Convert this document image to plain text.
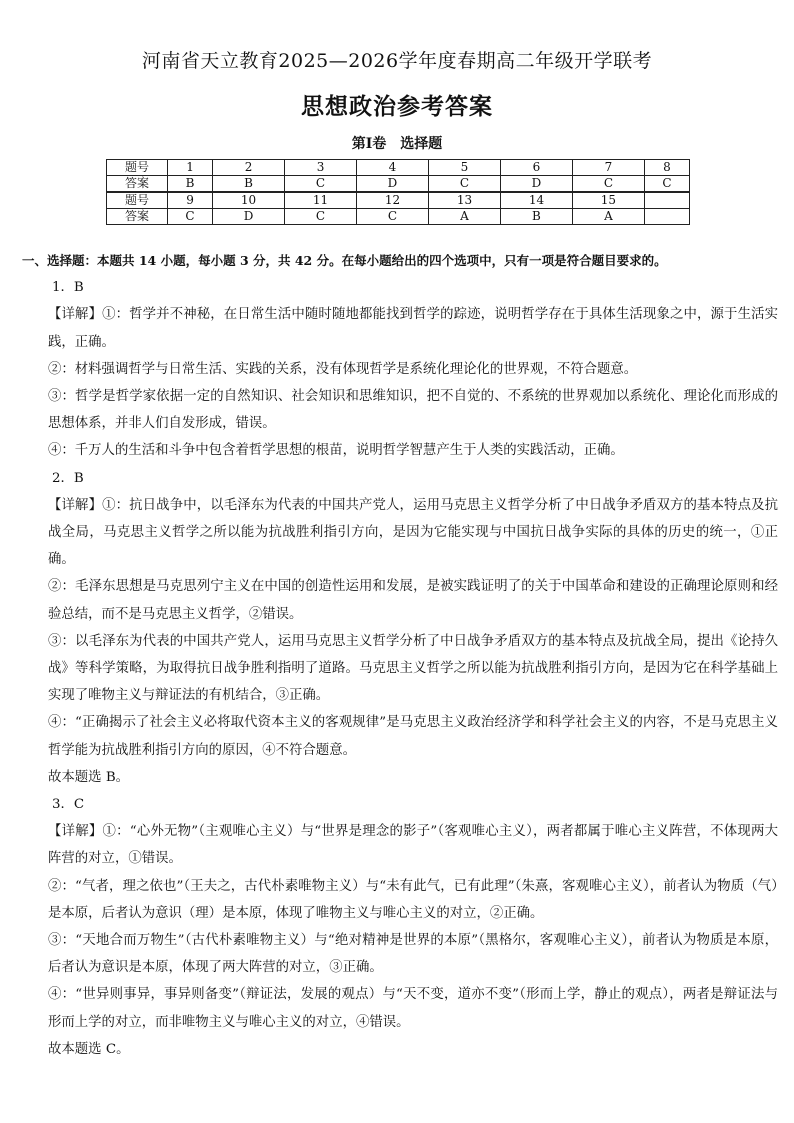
河南省天立教育2025—2026学年度春期高二年级开学联考
思想政治参考答案
第Ⅰ卷　选择题
题号	1	2	3	4	5	6	7	8
答案	B	B	C	D	C	D	C	C
题号	9	10	11	12	13	14	15	
答案	C	D	C	C	A	B	A	

一、选择题：本题共 14 小题，每小题 3 分，共 42 分。在每小题给出的四个选项中，只有一项是符合题目要求的。

1．B

【详解】①：哲学并不神秘，在日常生活中随时随地都能找到哲学的踪迹，说明哲学存在于具体生活现象之中，源于生活实践，正确。

②：材料强调哲学与日常生活、实践的关系，没有体现哲学是系统化理论化的世界观，不符合题意。

③：哲学是哲学家依据一定的自然知识、社会知识和思维知识，把不自觉的、不系统的世界观加以系统化、理论化而形成的思想体系，并非人们自发形成，错误。

④：千万人的生活和斗争中包含着哲学思想的根苗，说明哲学智慧产生于人类的实践活动，正确。

2．B

【详解】①：抗日战争中，以毛泽东为代表的中国共产党人，运用马克思主义哲学分析了中日战争矛盾双方的基本特点及抗战全局，马克思主义哲学之所以能为抗战胜利指引方向，是因为它能实现与中国抗日战争实际的具体的历史的统一，①正确。

②：毛泽东思想是马克思列宁主义在中国的创造性运用和发展，是被实践证明了的关于中国革命和建设的正确理论原则和经验总结，而不是马克思主义哲学，②错误。

③：以毛泽东为代表的中国共产党人，运用马克思主义哲学分析了中日战争矛盾双方的基本特点及抗战全局，提出《论持久战》等科学策略，为取得抗日战争胜利指明了道路。马克思主义哲学之所以能为抗战胜利指引方向，是因为它在科学基础上实现了唯物主义与辩证法的有机结合，③正确。

④：“正确揭示了社会主义必将取代资本主义的客观规律”是马克思主义政治经济学和科学社会主义的内容，不是马克思主义哲学能为抗战胜利指引方向的原因，④不符合题意。

故本题选 B。

3．C

【详解】①：“心外无物”（主观唯心主义）与“世界是理念的影子”（客观唯心主义），两者都属于唯心主义阵营，不体现两大阵营的对立，①错误。

②：“气者，理之依也”（王夫之，古代朴素唯物主义）与“未有此气，已有此理”（朱熹，客观唯心主义），前者认为物质（气）是本原，后者认为意识（理）是本原，体现了唯物主义与唯心主义的对立，②正确。

③：“天地合而万物生”（古代朴素唯物主义）与“绝对精神是世界的本原”（黑格尔，客观唯心主义），前者认为物质是本原，后者认为意识是本原，体现了两大阵营的对立，③正确。

④：“世异则事异，事异则备变”（辩证法，发展的观点）与“天不变，道亦不变”（形而上学，静止的观点），两者是辩证法与形而上学的对立，而非唯物主义与唯心主义的对立，④错误。

故本题选 C。
